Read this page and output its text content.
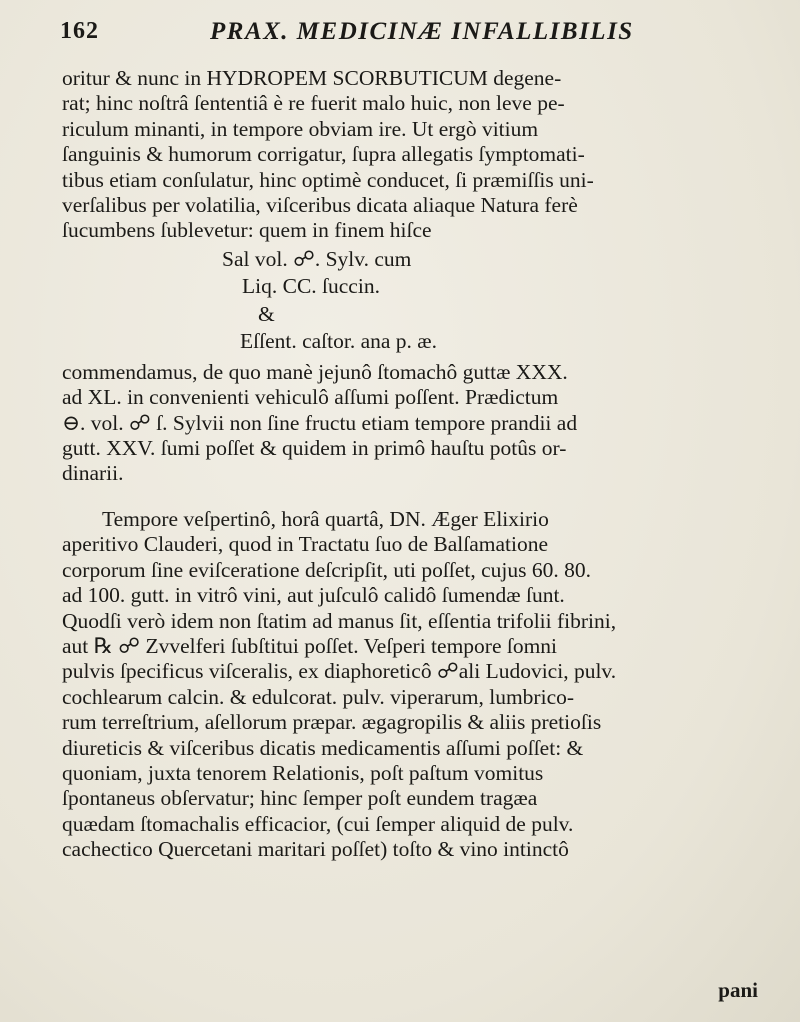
162	PRAX. MEDICINÆ INFALLIBILIS
oritur & nunc in HYDROPEM SCORBUTICUM degene-
rat; hinc noſtrâ ſententiâ è re fuerit malo huic, non leve pe-
riculum minanti, in tempore obviam ire. Ut ergò vitium
ſanguinis & humorum corrigatur, ſupra allegatis ſymptomati-
tibus etiam conſulatur, hinc optimè conducet, ſi præmiſſis uni-
verſalibus per volatilia, viſceribus dicata aliaque Natura ferè
ſucumbens ſublevetur: quem in finem hiſce
Sal vol. ☍. Sylv. cum
Liq. CC. ſuccin.
&
Eſſent. caſtor. ana p. æ.
commendamus, de quo manè jejunô ſtomachô guttæ XXX.
ad XL. in convenienti vehiculô aſſumi poſſent. Prædictum
⊖. vol. ☍ ſ. Sylvii non ſine fructu etiam tempore prandii ad
gutt. XXV. ſumi poſſet & quidem in primô hauſtu potûs or-
dinarii.
Tempore veſpertinô, horâ quartâ, DN. Æger Elixirio
aperitivo Clauderi, quod in Tractatu ſuo de Balſamatione
corporum ſine eviſceratione deſcripſit, uti poſſet, cujus 60. 80.
ad 100. gutt. in vitrô vini, aut juſculô calidô ſumendæ ſunt.
Quodſi verò idem non ſtatim ad manus ſit, eſſentia trifolii fibrini,
aut ℞ ☍ Zvvelferi ſubſtitui poſſet. Veſperi tempore ſomni
pulvis ſpecificus viſceralis, ex diaphoreticô ☍ali Ludovici, pulv.
cochlearum calcin. & edulcorat. pulv. viperarum, lumbrico-
rum terreſtrium, aſellorum præpar. ægagropilis & aliis pretioſis
diureticis & viſceribus dicatis medicamentis aſſumi poſſet: &
quoniam, juxta tenorem Relationis, poſt paſtum vomitus
ſpontaneus obſervatur; hinc ſemper poſt eundem tragæa
quædam ſtomachalis efficacior, (cui ſemper aliquid de pulv.
cachectico Quercetani maritari poſſet) toſto & vino intinctô
pani
